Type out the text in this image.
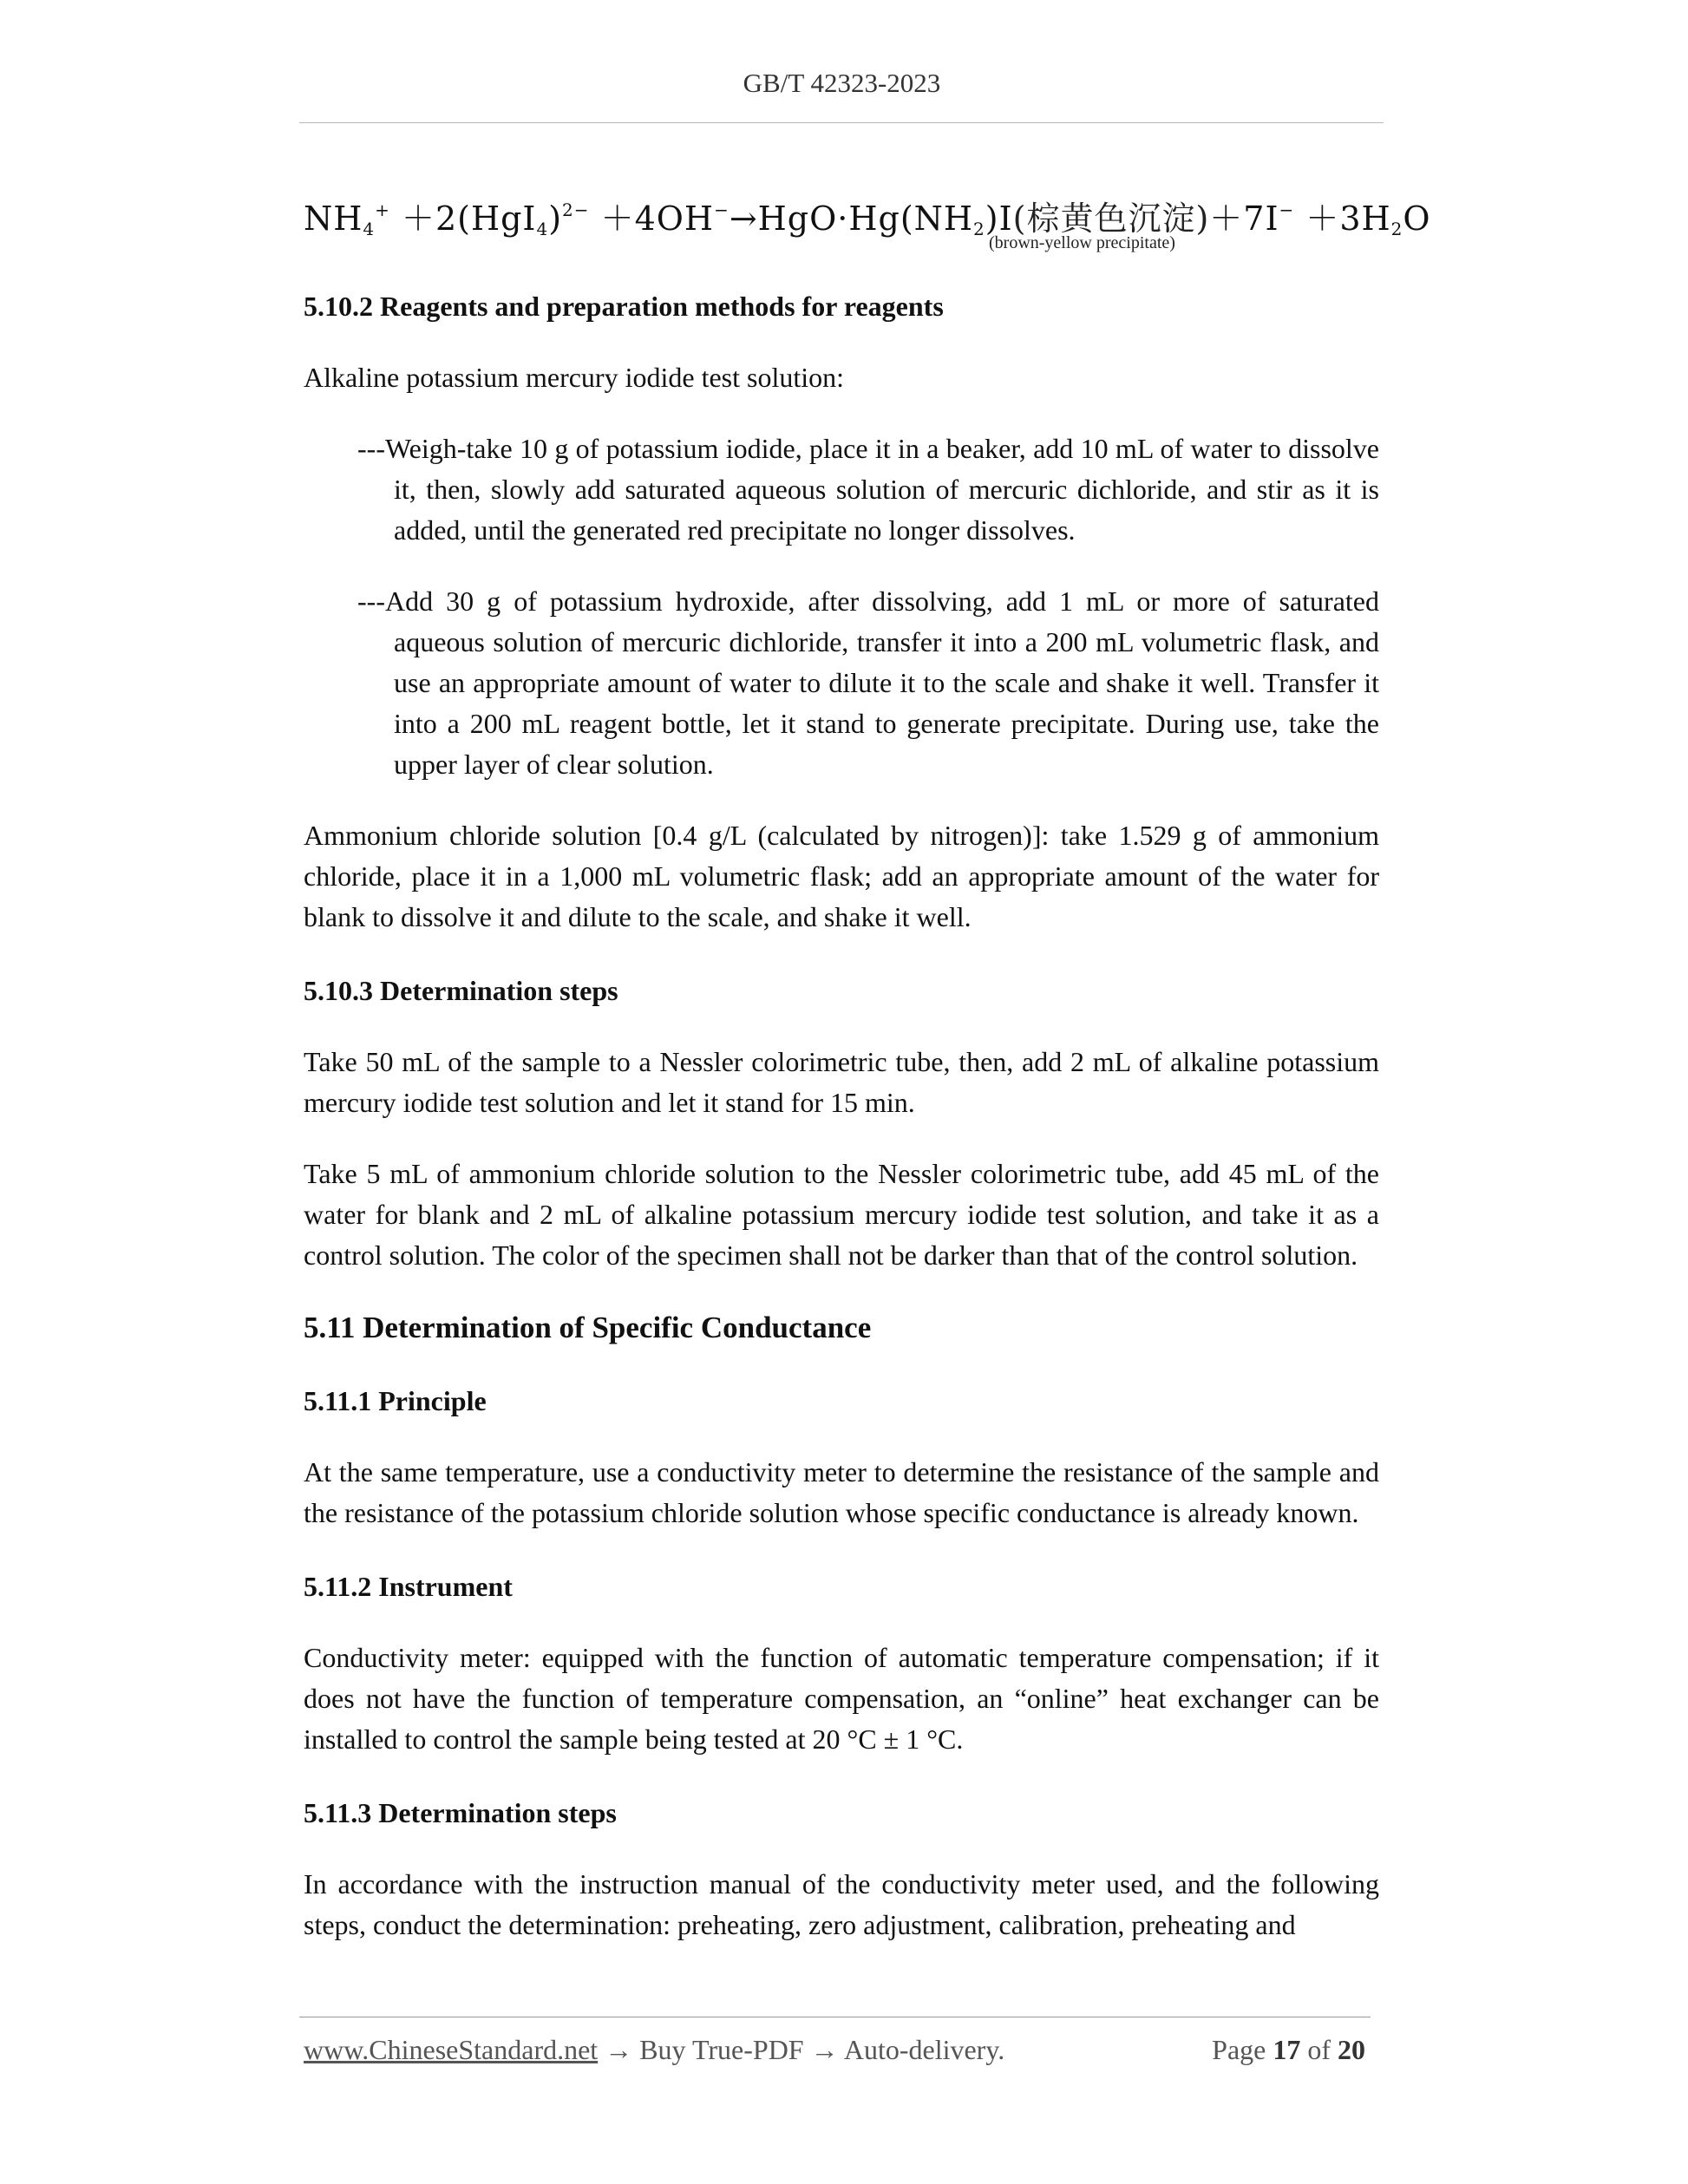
GB/T 42323-2023
$NH_4^+ +2(HgI_4)^{2-} +4OH^-\to HgO\cdot Hg(NH_2)I$(棕黄色沉淀)$+7I^- +3H_2O$
(brown-yellow precipitate)

5.10.2 Reagents and preparation methods for reagents

Alkaline potassium mercury iodide test solution:

---Weigh-take 10 g of potassium iodide, place it in a beaker, add 10 mL of water to dissolve it, then, slowly add saturated aqueous solution of mercuric dichloride, and stir as it is added, until the generated red precipitate no longer dissolves.

---Add 30 g of potassium hydroxide, after dissolving, add 1 mL or more of saturated aqueous solution of mercuric dichloride, transfer it into a 200 mL volumetric flask, and use an appropriate amount of water to dilute it to the scale and shake it well. Transfer it into a 200 mL reagent bottle, let it stand to generate precipitate. During use, take the upper layer of clear solution.

Ammonium chloride solution [0.4 g/L (calculated by nitrogen)]: take 1.529 g of ammonium chloride, place it in a 1,000 mL volumetric flask; add an appropriate amount of the water for blank to dissolve it and dilute to the scale, and shake it well.

5.10.3 Determination steps

Take 50 mL of the sample to a Nessler colorimetric tube, then, add 2 mL of alkaline potassium mercury iodide test solution and let it stand for 15 min.

Take 5 mL of ammonium chloride solution to the Nessler colorimetric tube, add 45 mL of the water for blank and 2 mL of alkaline potassium mercury iodide test solution, and take it as a control solution. The color of the specimen shall not be darker than that of the control solution.

5.11 Determination of Specific Conductance

5.11.1 Principle

At the same temperature, use a conductivity meter to determine the resistance of the sample and the resistance of the potassium chloride solution whose specific conductance is already known.

5.11.2 Instrument

Conductivity meter: equipped with the function of automatic temperature compensation; if it does not have the function of temperature compensation, an “online” heat exchanger can be installed to control the sample being tested at 20 °C ± 1 °C.

5.11.3 Determination steps

In accordance with the instruction manual of the conductivity meter used, and the following steps, conduct the determination: preheating, zero adjustment, calibration, preheating and

www.ChineseStandard.net → Buy True-PDF → Auto-delivery.	Page 17 of 20
